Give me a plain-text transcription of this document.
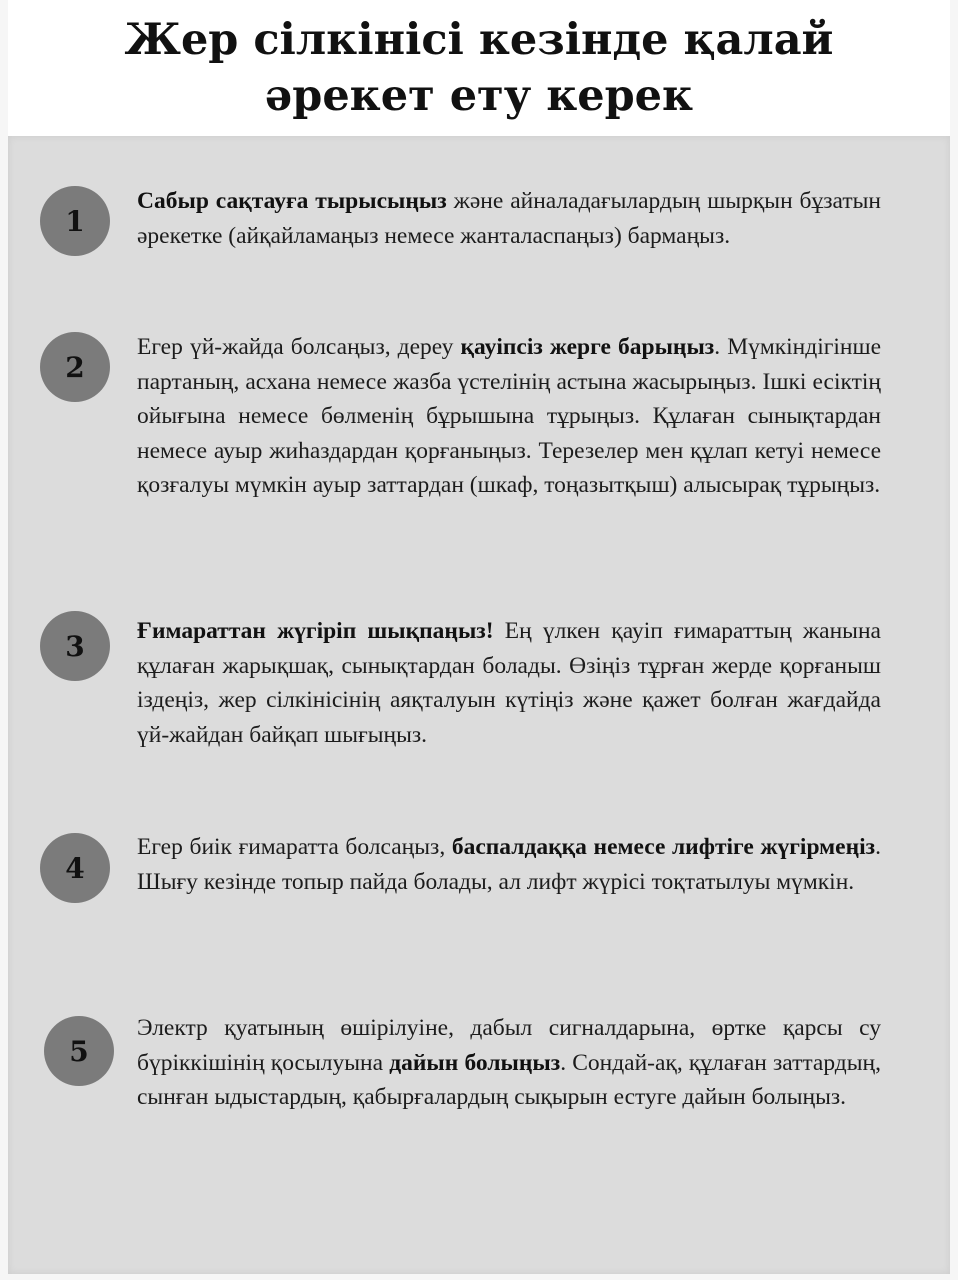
Жер сілкінісі кезінде қалай әрекет ету керек
1

Сабыр сақтауға тырысыңыз және айналадағылардың шырқын бұзатын әрекетке (айқайламаңыз немесе жанталаспаңыз) бармаңыз.

2

Егер үй-жайда болсаңыз, дереу қауіпсіз жерге барыңыз. Мүмкіндігінше партаның, асхана немесе жазба үстелінің астына жасырыңыз. Ішкі есіктің ойығына немесе бөлменің бұрышына тұрыңыз. Құлаған сынықтардан немесе ауыр жиһаздардан қорғаныңыз. Терезелер мен құлап кетуі немесе қозғалуы мүмкін ауыр заттардан (шкаф, тоңазытқыш) алысырақ тұрыңыз.

3	Ғимараттан жүгіріп шықпаңыз! Ең үлкен қауіп ғимараттың жанына құлаған жарықшақ, сынықтардан болады. Өзіңіз тұрған жерде қорғаныш іздеңіз, жер сілкінісінің аяқталуын күтіңіз және қажет болған жағдайда үй-жайдан байқап шығыңыз.

4

Егер биік ғимаратта болсаңыз, баспалдаққа немесе лифтіге жүгірмеңіз. Шығу кезінде топыр пайда болады, ал лифт жүрісі тоқтатылуы мүмкін.

5

Электр қуатының өшірілуіне, дабыл сигналдарына, өртке қарсы су бүріккішінің қосылуына дайын болыңыз. Сондай-ақ, құлаған заттардың, сынған ыдыстардың, қабырғалардың сықырын естуге дайын болыңыз.
